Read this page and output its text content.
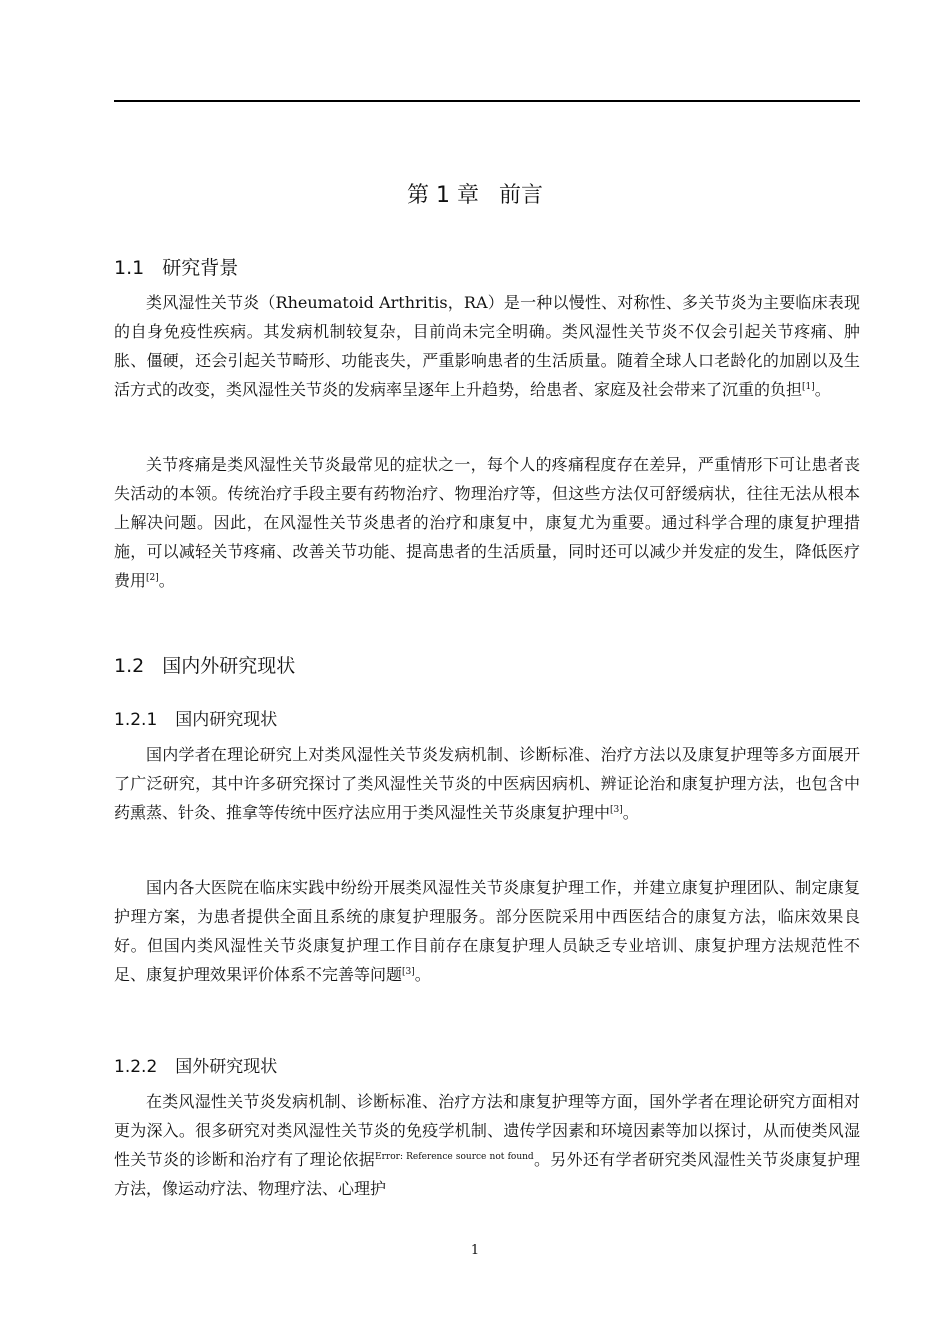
第 1 章 前言
1.1 研究背景

类风湿性关节炎（Rheumatoid Arthritis，RA）是一种以慢性、对称性、多关节炎为主要临床表现的自身免疫性疾病。其发病机制较复杂，目前尚未完全明确。类风湿性关节炎不仅会引起关节疼痛、肿胀、僵硬，还会引起关节畸形、功能丧失，严重影响患者的生活质量。随着全球人口老龄化的加剧以及生活方式的改变，类风湿性关节炎的发病率呈逐年上升趋势，给患者、家庭及社会带来了沉重的负担[1]。

关节疼痛是类风湿性关节炎最常见的症状之一，每个人的疼痛程度存在差异，严重情形下可让患者丧失活动的本领。传统治疗手段主要有药物治疗、物理治疗等，但这些方法仅可舒缓病状，往往无法从根本上解决问题。因此，在风湿性关节炎患者的治疗和康复中，康复尤为重要。通过科学合理的康复护理措施，可以减轻关节疼痛、改善关节功能、提高患者的生活质量，同时还可以减少并发症的发生，降低医疗费用[2]。

1.2 国内外研究现状
1.2.1 国内研究现状

国内学者在理论研究上对类风湿性关节炎发病机制、诊断标准、治疗方法以及康复护理等多方面展开了广泛研究，其中许多研究探讨了类风湿性关节炎的中医病因病机、辨证论治和康复护理方法，也包含中药熏蒸、针灸、推拿等传统中医疗法应用于类风湿性关节炎康复护理中[3]。

国内各大医院在临床实践中纷纷开展类风湿性关节炎康复护理工作，并建立康复护理团队、制定康复护理方案，为患者提供全面且系统的康复护理服务。部分医院采用中西医结合的康复方法，临床效果良好。但国内类风湿性关节炎康复护理工作目前存在康复护理人员缺乏专业培训、康复护理方法规范性不足、康复护理效果评价体系不完善等问题[3]。

1.2.2 国外研究现状

在类风湿性关节炎发病机制、诊断标准、治疗方法和康复护理等方面，国外学者在理论研究方面相对更为深入。很多研究对类风湿性关节炎的免疫学机制、遗传学因素和环境因素等加以探讨，从而使类风湿性关节炎的诊断和治疗有了理论依据$^{Error: Reference source not found}$。另外还有学者研究类风湿性关节炎康复护理方法，像运动疗法、物理疗法、心理护

1
